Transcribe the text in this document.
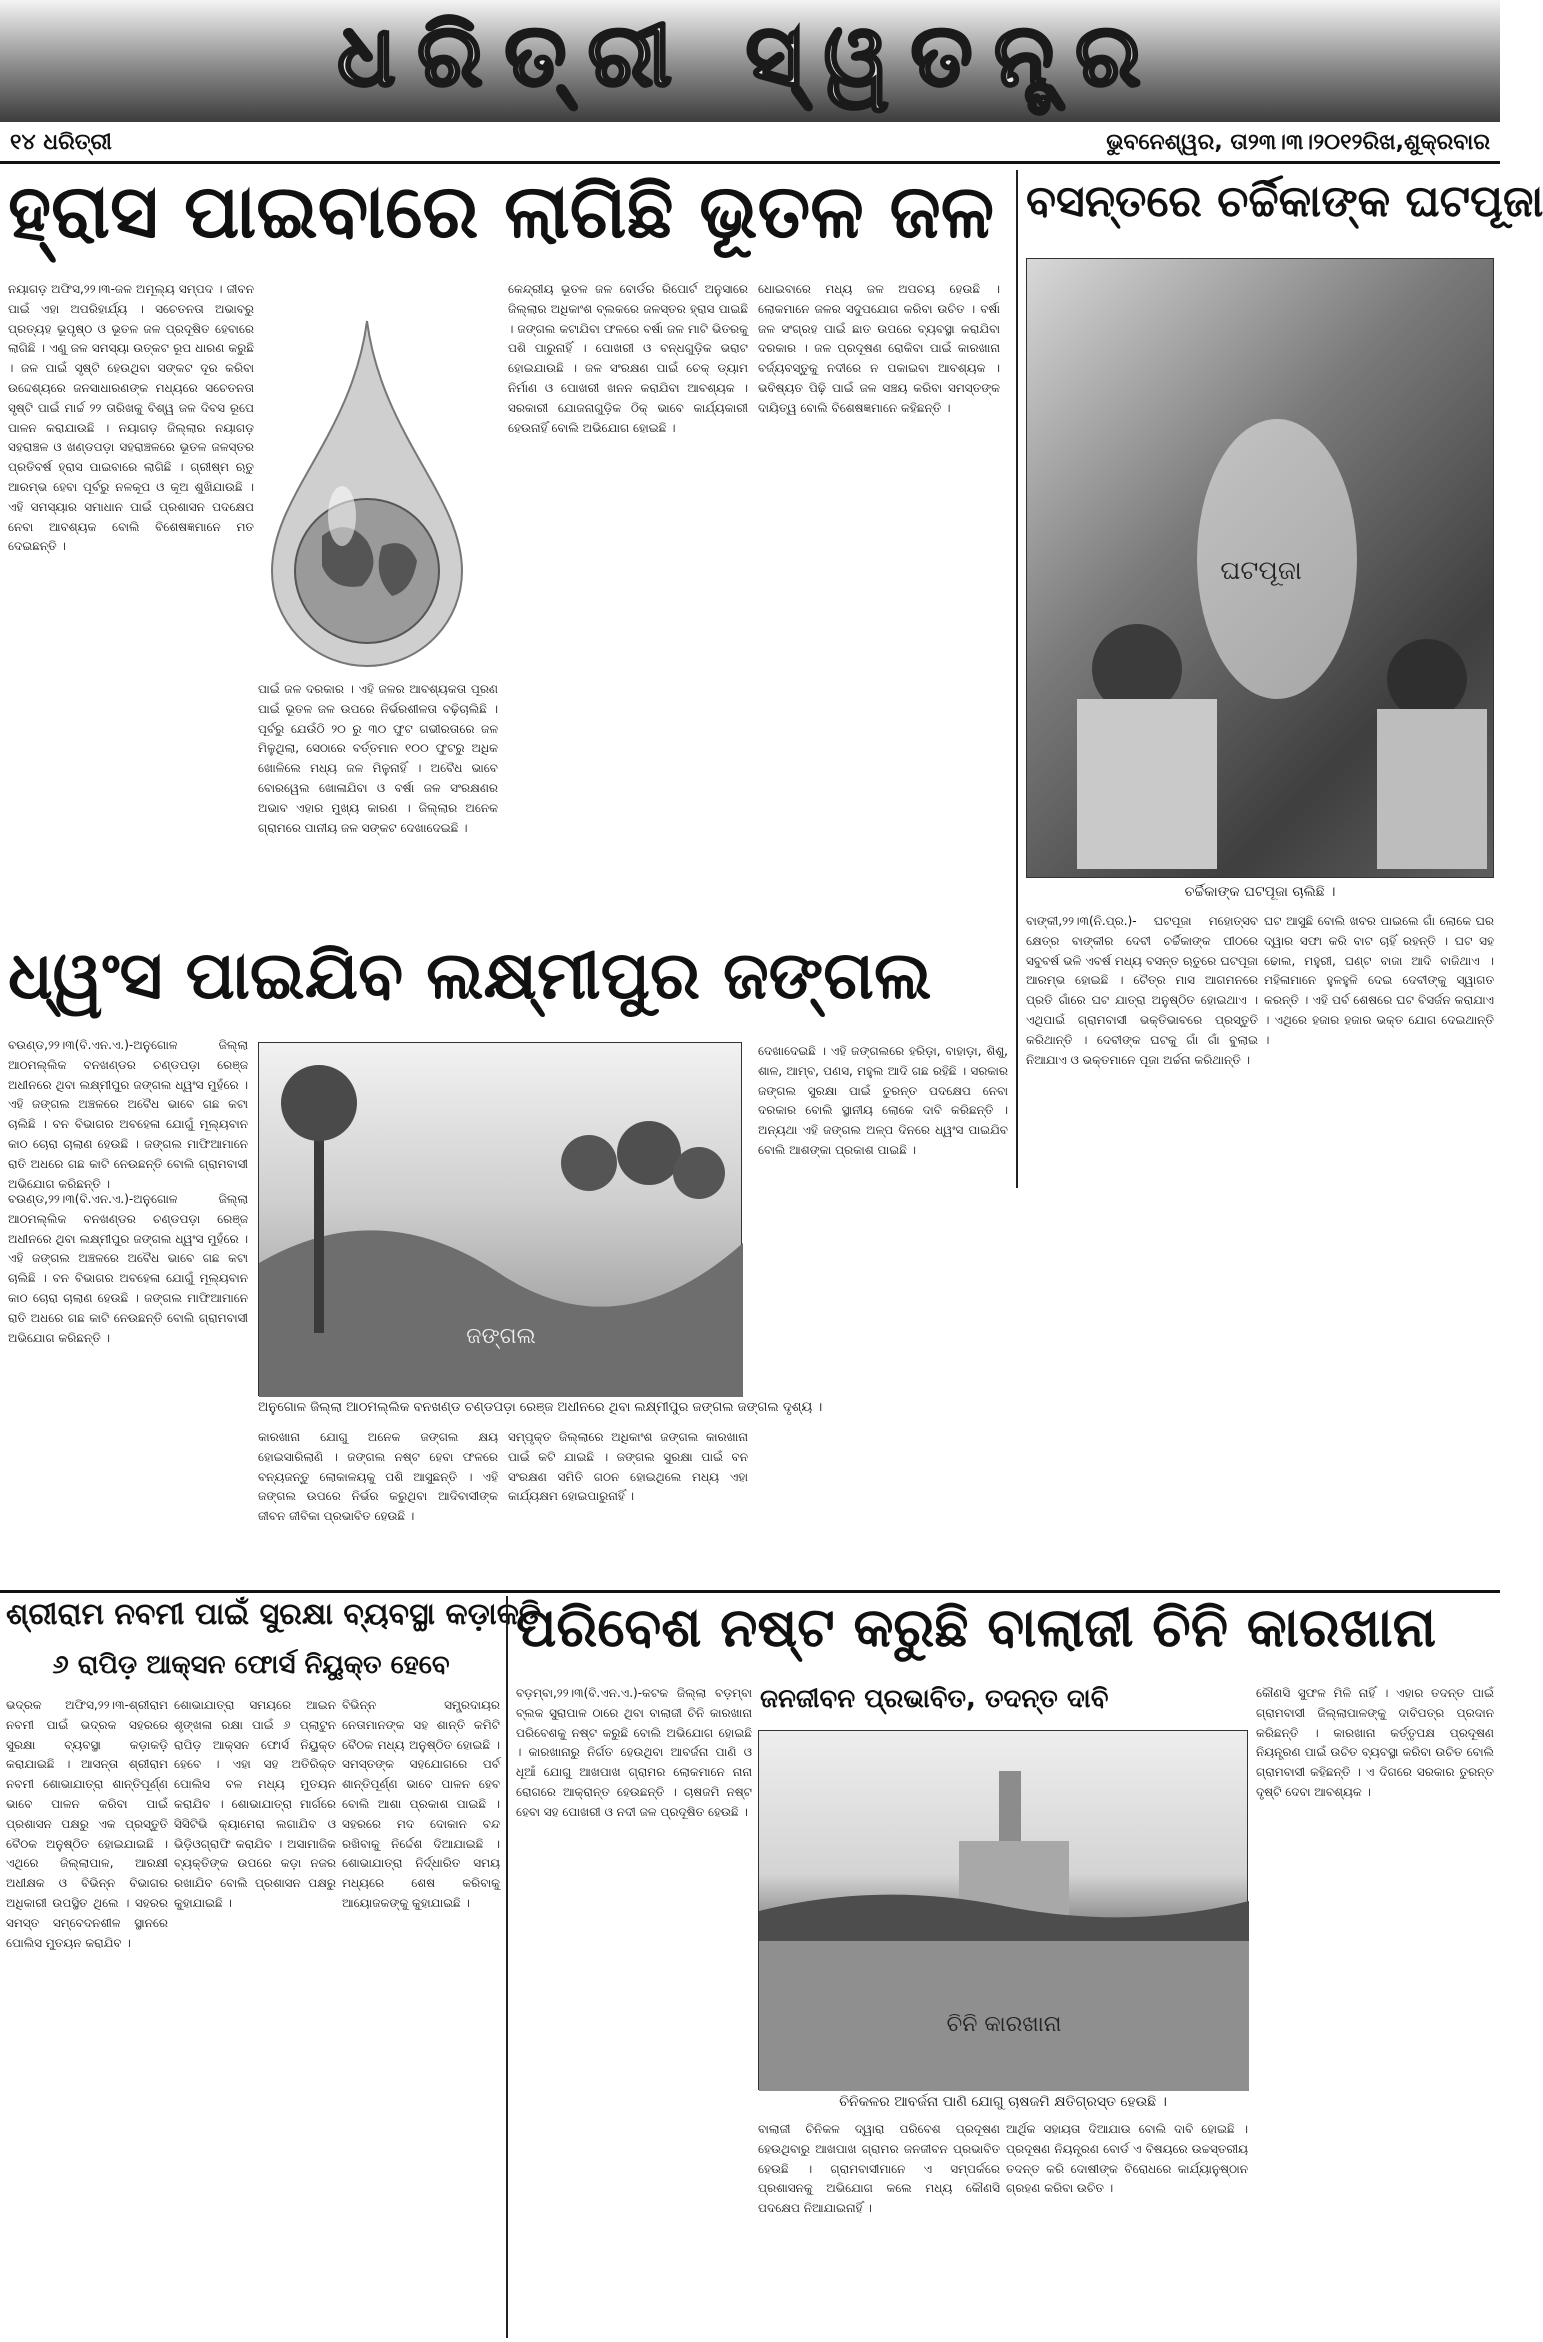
ଧରିତ୍ରୀ ସ୍ୱତନ୍ତ୍ର
୧୪ ଧରିତ୍ରୀ	ଭୁବନେଶ୍ୱର, ତା୨୩।୩।୨୦୧୨ରିଖ,ଶୁକ୍ରବାର
ହ୍ରାସ ପାଇବାରେ ଲାଗିଛି ଭୂତଳ ଜଳ
ନୟାଗଡ଼ ଅଫିସ,୨୨।୩-ଜଳ ଅମୂଲ୍ୟ ସମ୍ପଦ । ଜୀବନ ପାଇଁ ଏହା ଅପରିହାର୍ଯ୍ୟ । ସଚେତନତା ଅଭାବରୁ ପ୍ରତ୍ୟହ ଭୂପୃଷ୍ଠ ଓ ଭୂତଳ ଜଳ ପ୍ରଦୂଷିତ ହେବାରେ ଲାଗିଛି । ଏଣୁ ଜଳ ସମସ୍ୟା ଉତ୍କଟ ରୂପ ଧାରଣ କରୁଛି । ଜଳ ପାଇଁ ସୃଷ୍ଟି ହେଉଥିବା ସଙ୍କଟ ଦୂର କରିବା ଉଦ୍ଦେଶ୍ୟରେ ଜନସାଧାରଣଙ୍କ ମଧ୍ୟରେ ସଚେତନତା ସୃଷ୍ଟି ପାଇଁ ମାର୍ଚ୍ଚ ୨୨ ତାରିଖକୁ ବିଶ୍ୱ ଜଳ ଦିବସ ରୂପେ ପାଳନ କରାଯାଉଛି । ନୟାଗଡ଼ ଜିଲ୍ଲାର ନୟାଗଡ଼ ସହରାଞ୍ଚଳ ଓ ଖଣ୍ଡପଡ଼ା ସହରାଞ୍ଚଳରେ ଭୂତଳ ଜଳସ୍ତର ପ୍ରତିବର୍ଷ ହ୍ରାସ ପାଇବାରେ ଲାଗିଛି । ଗ୍ରୀଷ୍ମ ଋତୁ ଆରମ୍ଭ ହେବା ପୂର୍ବରୁ ନଳକୂପ ଓ କୂଅ ଶୁଖିଯାଉଛି । ଏହି ସମସ୍ୟାର ସମାଧାନ ପାଇଁ ପ୍ରଶାସନ ପଦକ୍ଷେପ ନେବା ଆବଶ୍ୟକ ବୋଲି ବିଶେଷଜ୍ଞମାନେ ମତ ଦେଇଛନ୍ତି ।
ପାଇଁ ଜଳ ଦରକାର । ଏହି ଜଳର ଆବଶ୍ୟକତା ପୂରଣ ପାଇଁ ଭୂତଳ ଜଳ ଉପରେ ନିର୍ଭରଶୀଳତା ବଢ଼ିଚାଲିଛି । ପୂର୍ବରୁ ଯେଉଁଠି ୨୦ ରୁ ୩୦ ଫୁଟ ଗଭୀରତାରେ ଜଳ ମିଳୁଥିଲା, ସେଠାରେ ବର୍ତ୍ତମାନ ୧୦୦ ଫୁଟରୁ ଅଧିକ ଖୋଳିଲେ ମଧ୍ୟ ଜଳ ମିଳୁନାହିଁ । ଅବୈଧ ଭାବେ ବୋରୱେଲ ଖୋଳାଯିବା ଓ ବର୍ଷା ଜଳ ସଂରକ୍ଷଣର ଅଭାବ ଏହାର ମୁଖ୍ୟ କାରଣ । ଜିଲ୍ଲାର ଅନେକ ଗ୍ରାମରେ ପାନୀୟ ଜଳ ସଙ୍କଟ ଦେଖାଦେଇଛି ।
କେନ୍ଦ୍ରୀୟ ଭୂତଳ ଜଳ ବୋର୍ଡର ରିପୋର୍ଟ ଅନୁସାରେ ଜିଲ୍ଲାର ଅଧିକାଂଶ ବ୍ଲକରେ ଜଳସ୍ତର ହ୍ରାସ ପାଇଛି । ଜଙ୍ଗଲ କଟାଯିବା ଫଳରେ ବର୍ଷା ଜଳ ମାଟି ଭିତରକୁ ପଶି ପାରୁନାହିଁ । ପୋଖରୀ ଓ ବନ୍ଧଗୁଡ଼ିକ ଭରାଟ ହୋଇଯାଉଛି । ଜଳ ସଂରକ୍ଷଣ ପାଇଁ ଚେକ୍ ଡ୍ୟାମ ନିର୍ମାଣ ଓ ପୋଖରୀ ଖନନ କରାଯିବା ଆବଶ୍ୟକ । ସରକାରୀ ଯୋଜନାଗୁଡ଼ିକ ଠିକ୍ ଭାବେ କାର୍ଯ୍ୟକାରୀ ହେଉନାହିଁ ବୋଲି ଅଭିଯୋଗ ହୋଇଛି ।
ଧୋଇବାରେ ମଧ୍ୟ ଜଳ ଅପଚୟ ହେଉଛି । ଲୋକମାନେ ଜଳର ସଦୁପଯୋଗ କରିବା ଉଚିତ । ବର୍ଷା ଜଳ ସଂଗ୍ରହ ପାଇଁ ଛାତ ଉପରେ ବ୍ୟବସ୍ଥା କରାଯିବା ଦରକାର । ଜଳ ପ୍ରଦୂଷଣ ରୋକିବା ପାଇଁ କାରଖାନା ବର୍ଜ୍ୟବସ୍ତୁକୁ ନଦୀରେ ନ ପକାଇବା ଆବଶ୍ୟକ । ଭବିଷ୍ୟତ ପିଢ଼ି ପାଇଁ ଜଳ ସଞ୍ଚୟ କରିବା ସମସ୍ତଙ୍କ ଦାୟିତ୍ୱ ବୋଲି ବିଶେଷଜ୍ଞମାନେ କହିଛନ୍ତି ।
ବସନ୍ତରେ ଚର୍ଚ୍ଚିକାଙ୍କ ଘଟପୂଜା
ଘଟପୂଜା
ଚର୍ଚ୍ଚିକାଙ୍କ ଘଟପୂଜା ଚାଲିଛି ।
ବାଙ୍କୀ,୨୨।୩(ନି.ପ୍ର.)- ଘଟପୂଜା ମହୋତ୍ସବ କ୍ଷେତ୍ର ବାଙ୍କୀର ଦେବୀ ଚର୍ଚ୍ଚିକାଙ୍କ ପୀଠରେ ସବୁବର୍ଷ ଭଳି ଏବର୍ଷ ମଧ୍ୟ ବସନ୍ତ ଋତୁରେ ଘଟପୂଜା ଆରମ୍ଭ ହୋଇଛି । ଚୈତ୍ର ମାସ ଆଗମନରେ ପ୍ରତି ଗାଁରେ ଘଟ ଯାତ୍ରା ଅନୁଷ୍ଠିତ ହୋଇଥାଏ । ଏଥିପାଇଁ ଗ୍ରାମବାସୀ ଭକ୍ତିଭାବରେ ପ୍ରସ୍ତୁତି କରିଥାନ୍ତି । ଦେବୀଙ୍କ ଘଟକୁ ଗାଁ ଗାଁ ବୁଲାଇ ନିଆଯାଏ ଓ ଭକ୍ତମାନେ ପୂଜା ଅର୍ଚ୍ଚନା କରିଥାନ୍ତି ।
ଘଟ ଆସୁଛି ବୋଲି ଖବର ପାଇଲେ ଗାଁ ଲୋକେ ଘର ଦ୍ୱାର ସଫା କରି ବାଟ ଚାହିଁ ରହନ୍ତି । ଘଟ ସହ ଢୋଲ, ମହୁରୀ, ଘଣ୍ଟ ବାଜା ଆଦି ବାଜିଥାଏ । ମହିଳାମାନେ ହୁଳହୁଳି ଦେଇ ଦେବୀଙ୍କୁ ସ୍ୱାଗତ କରନ୍ତି । ଏହି ପର୍ବ ଶେଷରେ ଘଟ ବିସର୍ଜନ କରାଯାଏ । ଏଥିରେ ହଜାର ହଜାର ଭକ୍ତ ଯୋଗ ଦେଇଥାନ୍ତି ।
ଧ୍ୱଂସ ପାଇଯିବ ଲକ୍ଷ୍ମୀପୁର ଜଙ୍ଗଲ
ବଉଣ୍ଡ,୨୨।୩(ବି.ଏନ.ଏ.)-ଅନୁଗୋଳ ଜିଲ୍ଲା ଆଠମଲ୍ଲିକ ବନଖଣ୍ଡର ଚଣ୍ଡପଡ଼ା ରେଞ୍ଜ ଅଧୀନରେ ଥିବା ଲକ୍ଷ୍ମୀପୁର ଜଙ୍ଗଲ ଧ୍ୱଂସ ମୁହଁରେ । ଏହି ଜଙ୍ଗଲ ଅଞ୍ଚଳରେ ଅବୈଧ ଭାବେ ଗଛ କଟା ଚାଲିଛି । ବନ ବିଭାଗର ଅବହେଳା ଯୋଗୁଁ ମୂଲ୍ୟବାନ କାଠ ଚୋରା ଚାଲାଣ ହେଉଛି । ଜଙ୍ଗଲ ମାଫିଆମାନେ ରାତି ଅଧରେ ଗଛ କାଟି ନେଉଛନ୍ତି ବୋଲି ଗ୍ରାମବାସୀ ଅଭିଯୋଗ କରିଛନ୍ତି ।
ଜଙ୍ଗଲ
ଅନୁଗୋଳ ଜିଲ୍ଲା ଆଠମଲ୍ଲିକ ବନଖଣ୍ଡ ଚଣ୍ଡପଡ଼ା ରେଞ୍ଜ ଅଧୀନରେ ଥିବା ଲକ୍ଷ୍ମୀପୁର ଜଙ୍ଗଲ ଜଙ୍ଗଲ ଦୃଶ୍ୟ ।
ବଉଣ୍ଡ,୨୨।୩(ବି.ଏନ.ଏ.)-ଅନୁଗୋଳ ଜିଲ୍ଲା ଆଠମଲ୍ଲିକ ବନଖଣ୍ଡର ଚଣ୍ଡପଡ଼ା ରେଞ୍ଜ ଅଧୀନରେ ଥିବା ଲକ୍ଷ୍ମୀପୁର ଜଙ୍ଗଲ ଧ୍ୱଂସ ମୁହଁରେ । ଏହି ଜଙ୍ଗଲ ଅଞ୍ଚଳରେ ଅବୈଧ ଭାବେ ଗଛ କଟା ଚାଲିଛି । ବନ ବିଭାଗର ଅବହେଳା ଯୋଗୁଁ ମୂଲ୍ୟବାନ କାଠ ଚୋରା ଚାଲାଣ ହେଉଛି । ଜଙ୍ଗଲ ମାଫିଆମାନେ ରାତି ଅଧରେ ଗଛ କାଟି ନେଉଛନ୍ତି ବୋଲି ଗ୍ରାମବାସୀ ଅଭିଯୋଗ କରିଛନ୍ତି ।
କାରଖାନା ଯୋଗୁ ଅନେକ ଜଙ୍ଗଲ କ୍ଷୟ ହୋଇସାରିଲାଣି । ଜଙ୍ଗଲ ନଷ୍ଟ ହେବା ଫଳରେ ବନ୍ୟଜନ୍ତୁ ଲୋକାଳୟକୁ ପଶି ଆସୁଛନ୍ତି । ଏହି ଜଙ୍ଗଲ ଉପରେ ନିର୍ଭର କରୁଥିବା ଆଦିବାସୀଙ୍କ ଜୀବନ ଜୀବିକା ପ୍ରଭାବିତ ହେଉଛି ।
ସମ୍ପୃକ୍ତ ଜିଲ୍ଲାରେ ଅଧିକାଂଶ ଜଙ୍ଗଲ କାରଖାନା ପାଇଁ କଟି ଯାଇଛି । ଜଙ୍ଗଲ ସୁରକ୍ଷା ପାଇଁ ବନ ସଂରକ୍ଷଣ ସମିତି ଗଠନ ହୋଇଥିଲେ ମଧ୍ୟ ଏହା କାର୍ଯ୍ୟକ୍ଷମ ହୋଇପାରୁନାହିଁ ।
ଦେଖାଦେଇଛି । ଏହି ଜଙ୍ଗଲରେ ହରିଡ଼ା, ବାହାଡ଼ା, ଶିଶୁ, ଶାଳ, ଆମ୍ବ, ପଣସ, ମହୁଲ ଆଦି ଗଛ ରହିଛି । ସରକାର ଜଙ୍ଗଲ ସୁରକ୍ଷା ପାଇଁ ତୁରନ୍ତ ପଦକ୍ଷେପ ନେବା ଦରକାର ବୋଲି ସ୍ଥାନୀୟ ଲୋକେ ଦାବି କରିଛନ୍ତି । ଅନ୍ୟଥା ଏହି ଜଙ୍ଗଲ ଅଳ୍ପ ଦିନରେ ଧ୍ୱଂସ ପାଇଯିବ ବୋଲି ଆଶଙ୍କା ପ୍ରକାଶ ପାଇଛି ।
ଶ୍ରୀରାମ ନବମୀ ପାଇଁ ସୁରକ୍ଷା ବ୍ୟବସ୍ଥା କଡ଼ାକଡ଼ି
୬ ରାପିଡ଼ ଆକ୍ସନ ଫୋର୍ସ ନିୟୁକ୍ତ ହେବେ
ଭଦ୍ରକ ଅଫିସ,୨୨।୩-ଶ୍ରୀରାମ ନବମୀ ପାଇଁ ଭଦ୍ରକ ସହରରେ ସୁରକ୍ଷା ବ୍ୟବସ୍ଥା କଡ଼ାକଡ଼ି କରାଯାଇଛି । ଆସନ୍ତା ଶ୍ରୀରାମ ନବମୀ ଶୋଭାଯାତ୍ରା ଶାନ୍ତିପୂର୍ଣ୍ଣ ଭାବେ ପାଳନ କରିବା ପାଇଁ ପ୍ରଶାସନ ପକ୍ଷରୁ ଏକ ପ୍ରସ୍ତୁତି ବୈଠକ ଅନୁଷ୍ଠିତ ହୋଇଯାଇଛି । ଏଥିରେ ଜିଲ୍ଲାପାଳ, ଆରକ୍ଷୀ ଅଧୀକ୍ଷକ ଓ ବିଭିନ୍ନ ବିଭାଗର ଅଧିକାରୀ ଉପସ୍ଥିତ ଥିଲେ । ସହରର ସମସ୍ତ ସମ୍ବେଦନଶୀଳ ସ୍ଥାନରେ ପୋଲିସ ମୁତୟନ କରାଯିବ ।
ଶୋଭାଯାତ୍ରା ସମୟରେ ଆଇନ ଶୃଙ୍ଖଳା ରକ୍ଷା ପାଇଁ ୬ ପ୍ଲାଟୁନ ରାପିଡ଼ ଆକ୍ସନ ଫୋର୍ସ ନିୟୁକ୍ତ ହେବେ । ଏହା ସହ ଅତିରିକ୍ତ ପୋଲିସ ବଳ ମଧ୍ୟ ମୁତୟନ କରାଯିବ । ଶୋଭାଯାତ୍ରା ମାର୍ଗରେ ସିସିଟିଭି କ୍ୟାମେରା ଲଗାଯିବ ଓ ଭିଡ଼ିଓଗ୍ରାଫି କରାଯିବ । ଅସାମାଜିକ ବ୍ୟକ୍ତିଙ୍କ ଉପରେ କଡ଼ା ନଜର ରଖାଯିବ ବୋଲି ପ୍ରଶାସନ ପକ୍ଷରୁ କୁହାଯାଇଛି ।
ବିଭିନ୍ନ ସମ୍ପ୍ରଦାୟର ନେତାମାନଙ୍କ ସହ ଶାନ୍ତି କମିଟି ବୈଠକ ମଧ୍ୟ ଅନୁଷ୍ଠିତ ହୋଇଛି । ସମସ୍ତଙ୍କ ସହଯୋଗରେ ପର୍ବ ଶାନ୍ତିପୂର୍ଣ୍ଣ ଭାବେ ପାଳନ ହେବ ବୋଲି ଆଶା ପ୍ରକାଶ ପାଇଛି । ସହରରେ ମଦ ଦୋକାନ ବନ୍ଦ ରଖିବାକୁ ନିର୍ଦ୍ଦେଶ ଦିଆଯାଇଛି । ଶୋଭାଯାତ୍ରା ନିର୍ଦ୍ଧାରିତ ସମୟ ମଧ୍ୟରେ ଶେଷ କରିବାକୁ ଆୟୋଜକଙ୍କୁ କୁହାଯାଇଛି ।
ପରିବେଶ ନଷ୍ଟ କରୁଛି ବାଲାଜୀ ଚିନି କାରଖାନା
ଜନଜୀବନ ପ୍ରଭାବିତ, ତଦନ୍ତ ଦାବି
ବଡ଼ମ୍ବା,୨୨।୩(ବି.ଏନ.ଏ.)-କଟକ ଜିଲ୍ଲା ବଡ଼ମ୍ବା ବ୍ଲକ ସୁରାପାଳ ଠାରେ ଥିବା ବାଲାଜୀ ଚିନି କାରଖାନା ପରିବେଶକୁ ନଷ୍ଟ କରୁଛି ବୋଲି ଅଭିଯୋଗ ହୋଇଛି । କାରଖାନାରୁ ନିର୍ଗତ ହେଉଥିବା ଆବର୍ଜନା ପାଣି ଓ ଧୂଆଁ ଯୋଗୁ ଆଖପାଖ ଗ୍ରାମର ଲୋକମାନେ ନାନା ରୋଗରେ ଆକ୍ରାନ୍ତ ହେଉଛନ୍ତି । ଚାଷଜମି ନଷ୍ଟ ହେବା ସହ ପୋଖରୀ ଓ ନଦୀ ଜଳ ପ୍ରଦୂଷିତ ହେଉଛି ।
ଚିନି କାରଖାନା
ଚିନିକଳର ଆବର୍ଜନା ପାଣି ଯୋଗୁ ଚାଷଜମି କ୍ଷତିଗ୍ରସ୍ତ ହେଉଛି ।
ବାଲାଜୀ ଚିନିକଳ ଦ୍ୱାରା ପରିବେଶ ପ୍ରଦୂଷଣ ହେଉଥିବାରୁ ଆଖପାଖ ଗ୍ରାମର ଜନଜୀବନ ପ୍ରଭାବିତ ହେଉଛି । ଗ୍ରାମବାସୀମାନେ ଏ ସମ୍ପର୍କରେ ପ୍ରଶାସନକୁ ଅଭିଯୋଗ କଲେ ମଧ୍ୟ କୌଣସି ପଦକ୍ଷେପ ନିଆଯାଇନାହିଁ ।
ଆର୍ଥିକ ସହାୟତା ଦିଆଯାଉ ବୋଲି ଦାବି ହୋଇଛି । ପ୍ରଦୂଷଣ ନିୟନ୍ତ୍ରଣ ବୋର୍ଡ ଏ ବିଷୟରେ ଉଚ୍ଚସ୍ତରୀୟ ତଦନ୍ତ କରି ଦୋଷୀଙ୍କ ବିରୋଧରେ କାର୍ଯ୍ୟାନୁଷ୍ଠାନ ଗ୍ରହଣ କରିବା ଉଚିତ ।
କୌଣସି ସୁଫଳ ମିଳି ନାହିଁ । ଏହାର ତଦନ୍ତ ପାଇଁ ଗ୍ରାମବାସୀ ଜିଲ୍ଲାପାଳଙ୍କୁ ଦାବିପତ୍ର ପ୍ରଦାନ କରିଛନ୍ତି । କାରଖାନା କର୍ତ୍ତୃପକ୍ଷ ପ୍ରଦୂଷଣ ନିୟନ୍ତ୍ରଣ ପାଇଁ ଉଚିତ ବ୍ୟବସ୍ଥା କରିବା ଉଚିତ ବୋଲି ଗ୍ରାମବାସୀ କହିଛନ୍ତି । ଏ ଦିଗରେ ସରକାର ତୁରନ୍ତ ଦୃଷ୍ଟି ଦେବା ଆବଶ୍ୟକ ।
